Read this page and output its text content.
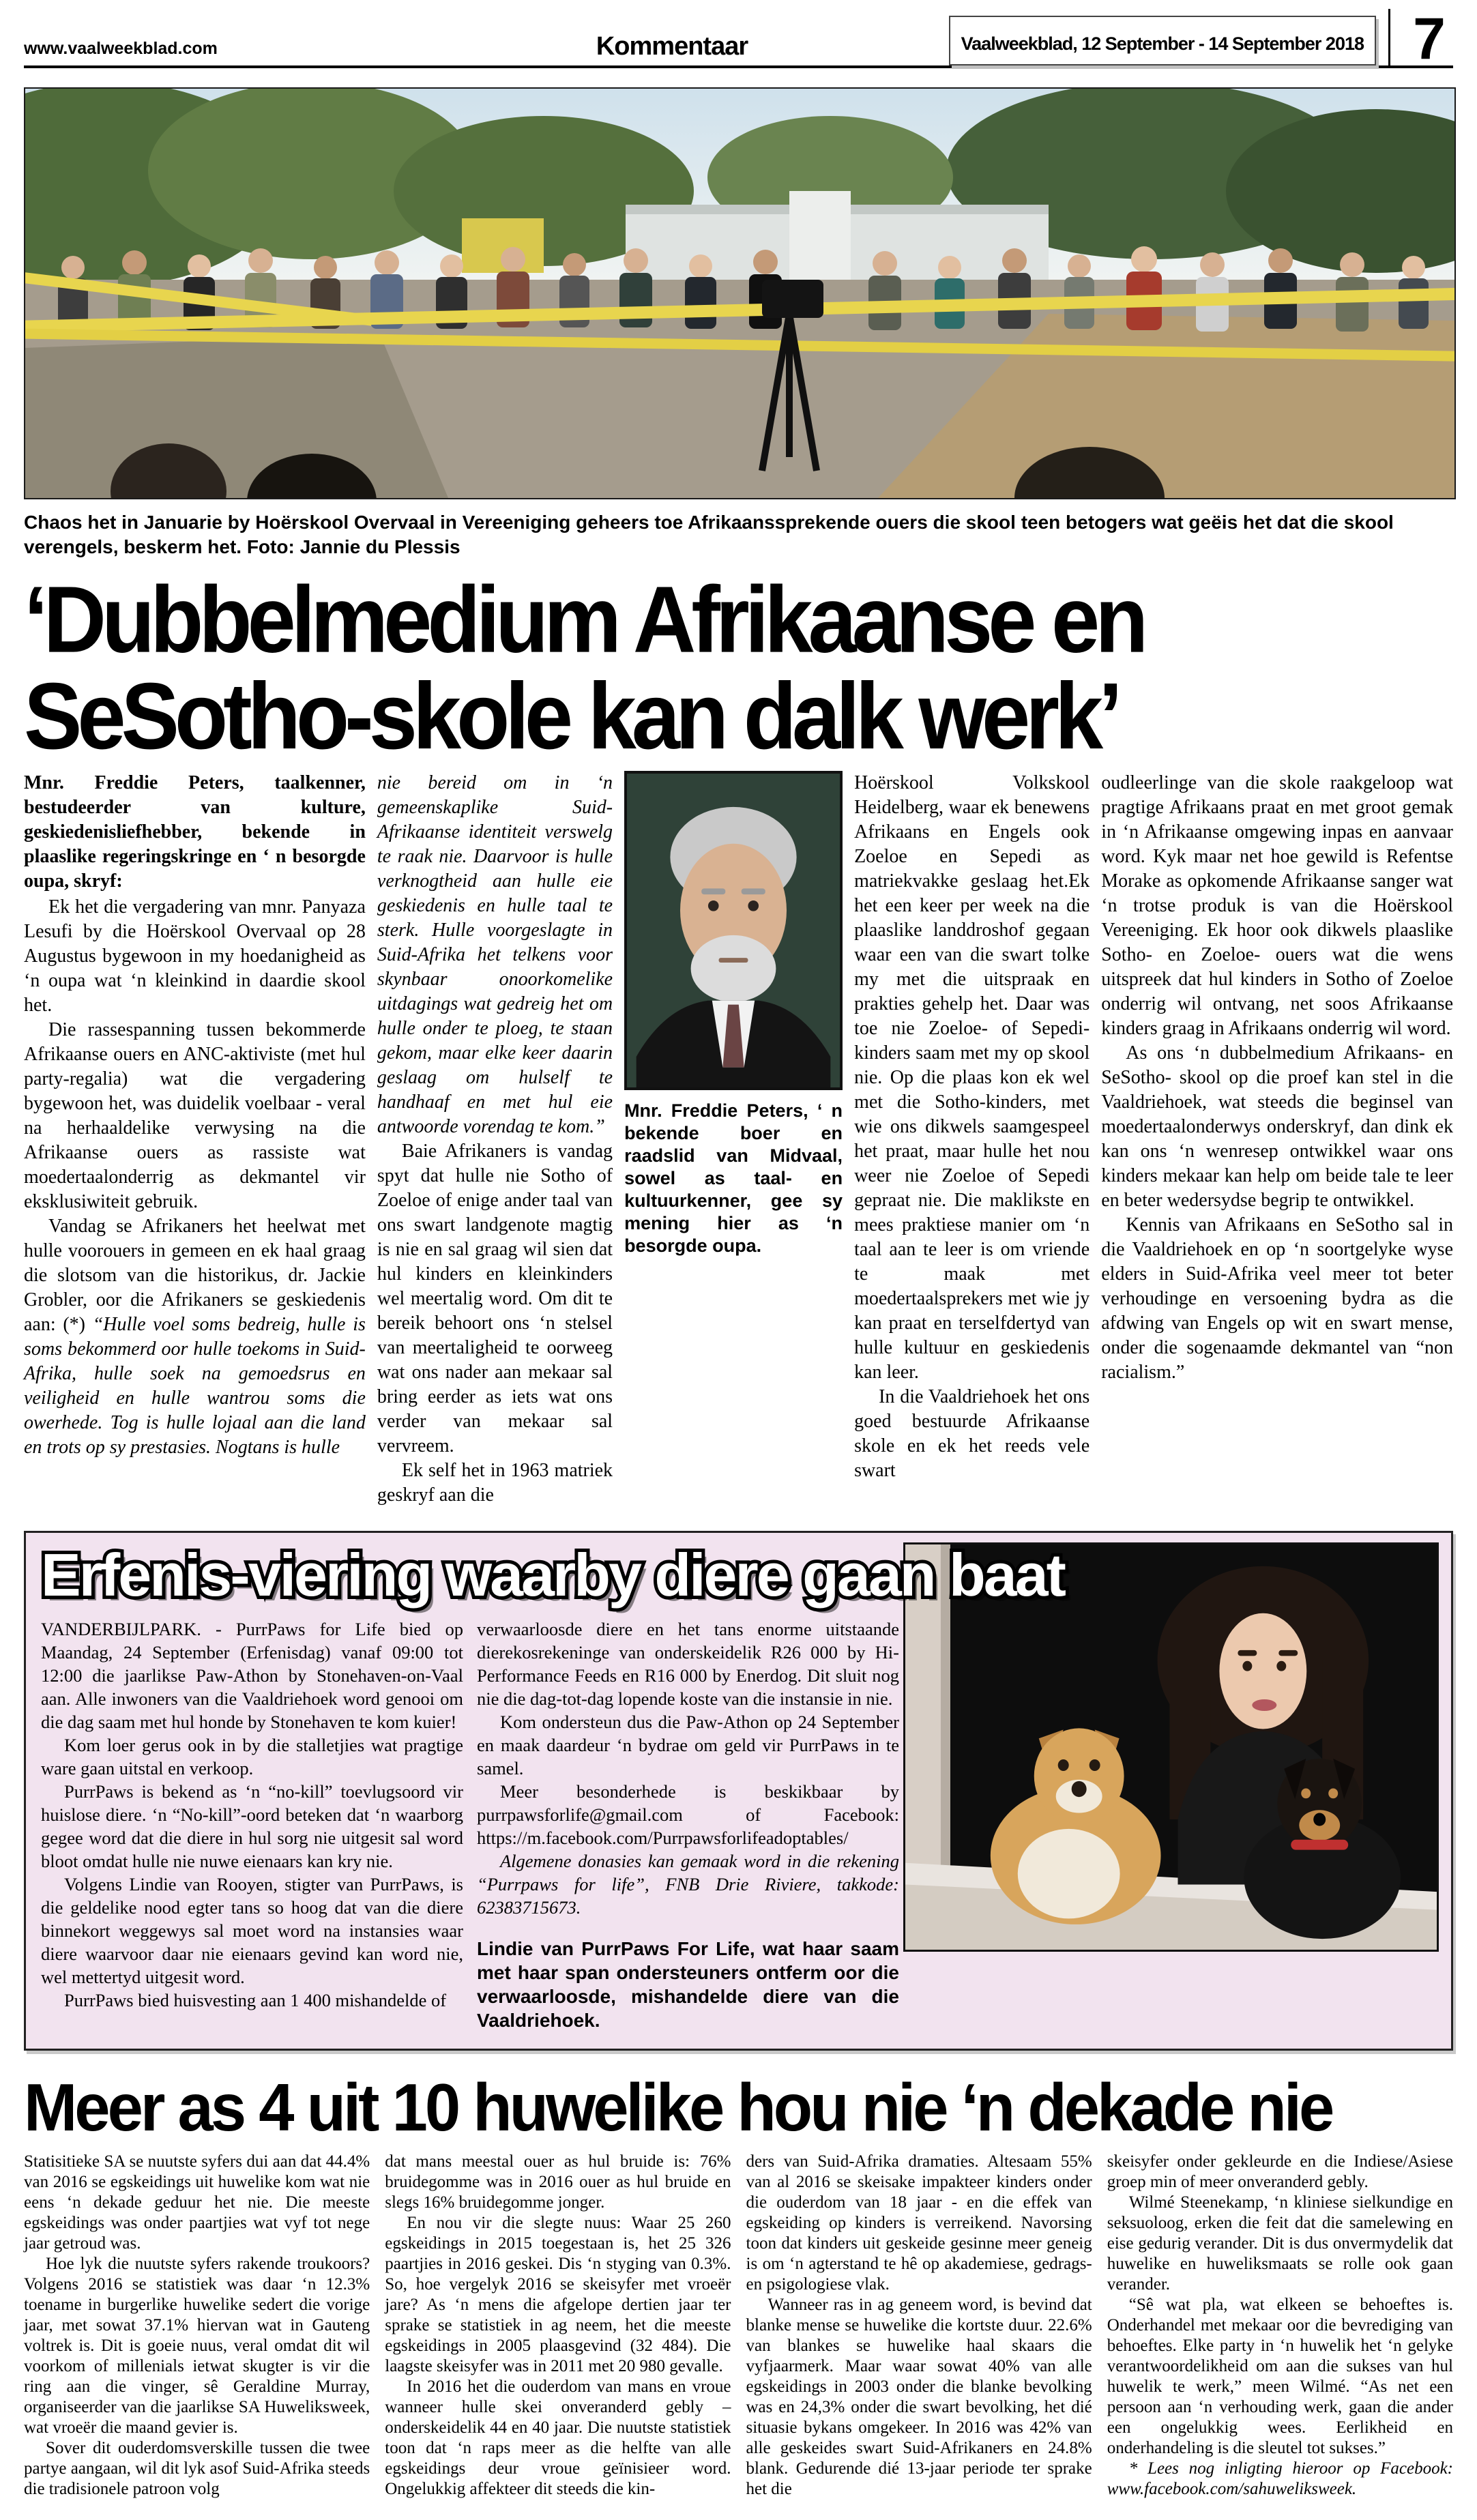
www.vaalweekblad.com	Kommentaar	Vaalweekblad, 12 September - 14 September 2018 7

Chaos het in Januarie by Hoërskool Overvaal in Vereeniging geheers toe Afrikaanssprekende ouers die skool teen betogers wat geëis het dat die skool verengels, beskerm het. Foto: Jannie du Plessis

‘Dubbelmedium Afrikaanse en
SeSotho-skole kan dalk werk’

Mnr. Freddie Peters, taalkenner, bestudeerder van kulture, geskiedenisliefhebber, bekende in plaaslike regeringskringe en ‘ n besorgde oupa, skryf:

Ek het die vergadering van mnr. Panyaza Lesufi by die Hoërskool Overvaal op 28 Augustus bygewoon in my hoedanigheid as ‘n oupa wat ‘n kleinkind in daardie skool het.

Die rassespanning tussen bekommerde Afrikaanse ouers en ANC-aktiviste (met hul party-regalia) wat die vergadering bygewoon het, was duidelik voelbaar - veral na herhaaldelike verwysing na die Afrikaanse ouers as rassiste wat moedertaalonderrig as dekmantel vir eksklusiwiteit gebruik.

Vandag se Afrikaners het heelwat met hulle voorouers in gemeen en ek haal graag die slotsom van die historikus, dr. Jackie Grobler, oor die Afrikaners se geskiedenis aan: (*) “Hulle voel soms bedreig, hulle is soms bekommerd oor hulle toekoms in Suid-Afrika, hulle soek na gemoedsrus en veiligheid en hulle wantrou soms die owerhede. Tog is hulle lojaal aan die land en trots op sy prestasies. Nogtans is hulle

nie bereid om in ‘n gemeenskaplike Suid-Afrikaanse identiteit verswelg te raak nie. Daarvoor is hulle verknogtheid aan hulle eie geskiedenis en hulle taal te sterk. Hulle voorgeslagte in Suid-Afrika het telkens voor skynbaar onoorkomelike uitdagings wat gedreig het om hulle onder te ploeg, te staan gekom, maar elke keer daarin geslaag om hulself te handhaaf en met hul eie antwoorde vorendag te kom.”

Baie Afrikaners is vandag spyt dat hulle nie Sotho of Zoeloe of enige ander taal van ons swart landgenote magtig is nie en sal graag wil sien dat hul kinders en kleinkinders wel meertalig word. Om dit te bereik behoort ons ‘n stelsel van meertaligheid te oorweeg wat ons nader aan mekaar sal bring eerder as iets wat ons verder van mekaar sal vervreem.

Ek self het in 1963 matriek geskryf aan die

Mnr. Freddie Peters, ‘ n bekende boer en raadslid van Midvaal, sowel as taal- en kultuurkenner, gee sy mening hier as ‘n besorgde oupa.

Hoërskool Volkskool Heidelberg, waar ek benewens Afrikaans en Engels ook Zoeloe en Sepedi as matriekvakke geslaag het.Ek het een keer per week na die plaaslike landdroshof gegaan waar een van die swart tolke my met die uitspraak en prakties gehelp het. Daar was toe nie Zoeloe- of Sepedi-kinders saam met my op skool nie. Op die plaas kon ek wel met die Sotho-kinders, met wie ons dikwels saamgespeel het praat, maar hulle het nou weer nie Zoeloe of Sepedi gepraat nie. Die maklikste en mees praktiese manier om ‘n taal aan te leer is om vriende te maak met moedertaalsprekers met wie jy kan praat en terselfdertyd van hulle kultuur en geskiedenis kan leer.

In die Vaaldriehoek het ons goed bestuurde Afrikaanse skole en ek het reeds vele swart

oudleerlinge van die skole raakgeloop wat pragtige Afrikaans praat en met groot gemak in ‘n Afrikaanse omgewing inpas en aanvaar word. Kyk maar net hoe gewild is Refentse Morake as opkomende Afrikaanse sanger wat ‘n trotse produk is van die Hoërskool Vereeniging. Ek hoor ook dikwels plaaslike Sotho- en Zoeloe- ouers wat die wens uitspreek dat hul kinders in Sotho of Zoeloe onderrig wil ontvang, net soos Afrikaanse kinders graag in Afrikaans onderrig wil word.

As ons ‘n dubbelmedium Afrikaans- en SeSotho- skool op die proef kan stel in die Vaaldriehoek, wat steeds die beginsel van moedertaalonderwys onderskryf, dan dink ek kan ons ‘n wenresep ontwikkel waar ons kinders mekaar kan help om beide tale te leer en beter wedersydse begrip te ontwikkel.

Kennis van Afrikaans en SeSotho sal in die Vaaldriehoek en op ‘n soortgelyke wyse elders in Suid-Afrika veel meer tot beter verhoudinge en versoening bydra as die afdwing van Engels op wit en swart mense, onder die sogenaamde dekmantel van “non racialism.”

Erfenis-viering waarby diere gaan baat

VANDERBIJLPARK. - PurrPaws for Life bied op Maandag, 24 September (Erfenisdag) vanaf 09:00 tot 12:00 die jaarlikse Paw-Athon by Stonehaven-on-Vaal aan. Alle inwoners van die Vaaldriehoek word genooi om die dag saam met hul honde by Stonehaven te kom kuier!

Kom loer gerus ook in by die stalletjies wat pragtige ware gaan uitstal en verkoop.

PurrPaws is bekend as ‘n “no-kill” toevlugsoord vir huislose diere. ‘n “No-kill”-oord beteken dat ‘n waarborg gegee word dat die diere in hul sorg nie uitgesit sal word bloot omdat hulle nie nuwe eienaars kan kry nie.

Volgens Lindie van Rooyen, stigter van PurrPaws, is die geldelike nood egter tans so hoog dat van die diere binnekort weggewys sal moet word na instansies waar diere waarvoor daar nie eienaars gevind kan word nie, wel mettertyd uitgesit word.

PurrPaws bied huisvesting aan 1 400 mishandelde of

verwaarloosde diere en het tans enorme uitstaande dierekosrekeninge van onderskeidelik R26 000 by Hi-Performance Feeds en R16 000 by Enerdog. Dit sluit nog nie die dag-tot-dag lopende koste van die instansie in nie.

Kom ondersteun dus die Paw-Athon op 24 September en maak daardeur ‘n bydrae om geld vir PurrPaws in te samel.

Meer besonderhede is beskikbaar by purrpawsforlife@gmail.com of Facebook: https://m.facebook.com/Purrpawsforlifeadoptables/

Algemene donasies kan gemaak word in die rekening “Purrpaws for life”, FNB Drie Riviere, takkode: 62383715673.

Lindie van PurrPaws For Life, wat haar saam met haar span ondersteuners ontferm oor die verwaarloosde, mishandelde diere van die Vaaldriehoek.

Meer as 4 uit 10 huwelike hou nie ‘n dekade nie

Statisitieke SA se nuutste syfers dui aan dat 44.4% van 2016 se egskeidings uit huwelike kom wat nie eens ‘n dekade geduur het nie. Die meeste egskeidings was onder paartjies wat vyf tot nege jaar getroud was.

Hoe lyk die nuutste syfers rakende troukoors? Volgens 2016 se statistiek was daar ‘n 12.3% toename in burgerlike huwelike sedert die vorige jaar, met sowat 37.1% hiervan wat in Gauteng voltrek is. Dit is goeie nuus, veral omdat dit wil voorkom of millenials ietwat skugter is vir die ring aan die vinger, sê Geraldine Murray, organiseerder van die jaarlikse SA Huweliksweek, wat vroeër die maand gevier is.

Sover dit ouderdomsverskille tussen die twee partye aangaan, wil dit lyk asof Suid-Afrika steeds die tradisionele patroon volg

dat mans meestal ouer as hul bruide is: 76% bruidegomme was in 2016 ouer as hul bruide en slegs 16% bruidegomme jonger.

En nou vir die slegte nuus: Waar 25 260 egskeidings in 2015 toegestaan is, het 25 326 paartjies in 2016 geskei. Dis ‘n styging van 0.3%. So, hoe vergelyk 2016 se skeisyfer met vroeër jare? As ‘n mens die afgelope dertien jaar ter sprake se statistiek in ag neem, het die meeste egskeidings in 2005 plaasgevind (32 484). Die laagste skeisyfer was in 2011 met 20 980 gevalle.

In 2016 het die ouderdom van mans en vroue wanneer hulle skei onveranderd gebly – onderskeidelik 44 en 40 jaar. Die nuutste statistiek toon dat ‘n raps meer as die helfte van alle egskeidings deur vroue geïnisieer word. Ongelukkig affekteer dit steeds die kin-

ders van Suid-Afrika dramaties. Altesaam 55% van al 2016 se skeisake impakteer kinders onder die ouderdom van 18 jaar - en die effek van egskeiding op kinders is verreikend. Navorsing toon dat kinders uit geskeide gesinne meer geneig is om ‘n agterstand te hê op akademiese, gedrags- en psigologiese vlak.

Wanneer ras in ag geneem word, is bevind dat blanke mense se huwelike die kortste duur. 22.6% van blankes se huwelike haal skaars die vyfjaarmerk. Maar waar sowat 40% van alle egskeidings in 2003 onder die blanke bevolking was en 24,3% onder die swart bevolking, het dié situasie bykans omgekeer. In 2016 was 42% van alle geskeides swart Suid-Afrikaners en 24.8% blank. Gedurende dié 13-jaar periode ter sprake het die

skeisyfer onder gekleurde en die Indiese/Asiese groep min of meer onveranderd gebly.

Wilmé Steenekamp, ‘n kliniese sielkundige en seksuoloog, erken die feit dat die samelewing en eise gedurig verander. Dit is dus onvermydelik dat huwelike en huweliksmaats se rolle ook gaan verander.

“Sê wat pla, wat elkeen se behoeftes is. Onderhandel met mekaar oor die bevrediging van behoeftes. Elke party in ‘n huwelik het ‘n gelyke verantwoordelikheid om aan die sukses van hul huwelik te werk,” meen Wilmé. “As net een persoon aan ‘n verhouding werk, gaan die ander een ongelukkig wees. Eerlikheid en onderhandeling is die sleutel tot sukses.”

* Lees nog inligting hieroor op Facebook: www.facebook.com/sahuweliksweek.
